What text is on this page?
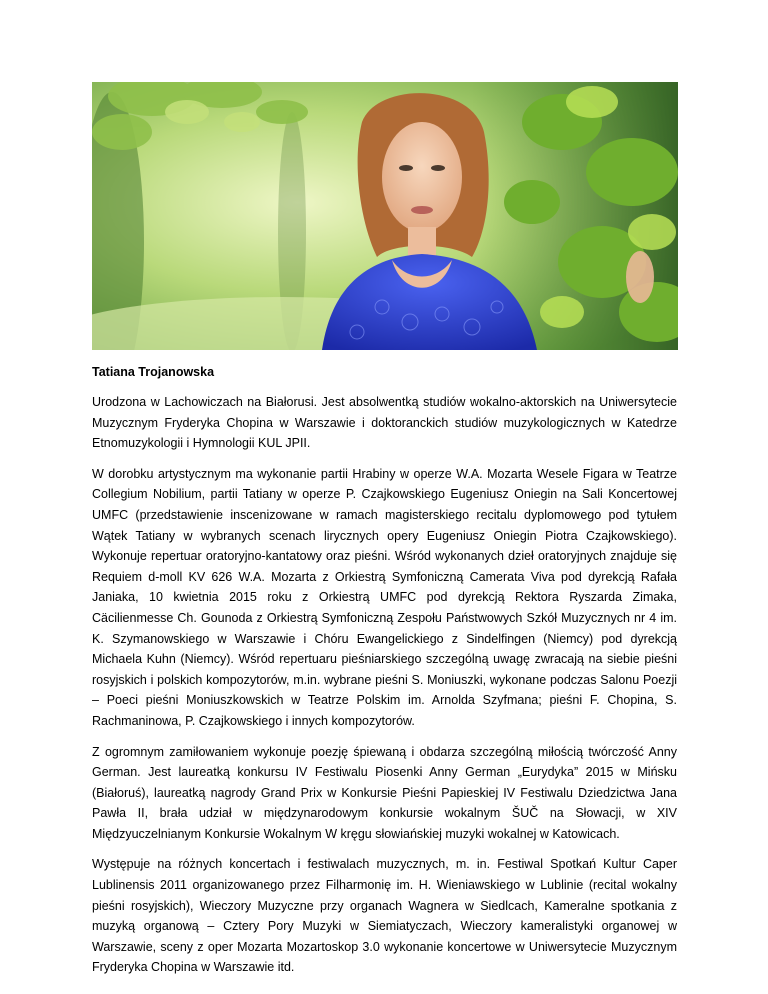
Tatiana Trojanowska

Urodzona w Lachowiczach na Białorusi. Jest absolwentką studiów wokalno-aktorskich na Uniwersytecie Muzycznym Fryderyka Chopina w Warszawie i doktoranckich studiów muzykologicznych w Katedrze Etnomuzykologii i Hymnologii KUL JPII.

W dorobku artystycznym ma wykonanie partii Hrabiny w operze W.A. Mozarta Wesele Figara w Teatrze Collegium Nobilium, partii Tatiany w operze P. Czajkowskiego Eugeniusz Oniegin na Sali Koncertowej UMFC (przedstawienie inscenizowane w ramach magisterskiego recitalu dyplomowego pod tytułem Wątek Tatiany w wybranych scenach lirycznych opery Eugeniusz Oniegin Piotra Czajkowskiego). Wykonuje repertuar oratoryjno-kantatowy oraz pieśni. Wśród wykonanych dzieł oratoryjnych znajduje się Requiem d-moll KV 626 W.A. Mozarta z Orkiestrą Symfoniczną Camerata Viva pod dyrekcją Rafała Janiaka, 10 kwietnia 2015 roku z Orkiestrą UMFC pod dyrekcją Rektora Ryszarda Zimaka, Cäcilienmesse Ch. Gounoda z Orkiestrą Symfoniczną Zespołu Państwowych Szkół Muzycznych nr 4 im. K. Szymanowskiego w Warszawie i Chóru Ewangelickiego z Sindelfingen (Niemcy) pod dyrekcją Michaela Kuhn (Niemcy). Wśród repertuaru pieśniarskiego szczególną uwagę zwracają na siebie pieśni rosyjskich i polskich kompozytorów, m.in. wybrane pieśni S. Moniuszki, wykonane podczas Salonu Poezji – Poeci pieśni Moniuszkowskich w Teatrze Polskim im. Arnolda Szyfmana; pieśni F. Chopina, S. Rachmaninowa, P. Czajkowskiego i innych kompozytorów.

Z ogromnym zamiłowaniem wykonuje poezję śpiewaną i obdarza szczególną miłością twórczość Anny German. Jest laureatką konkursu IV Festiwalu Piosenki Anny German „Eurydyka” 2015 w Mińsku (Białoruś), laureatką nagrody Grand Prix w Konkursie Pieśni Papieskiej IV Festiwalu Dziedzictwa Jana Pawła II, brała udział w międzynarodowym konkursie wokalnym ŠUČ na Słowacji, w XIV Międzyuczelnianym Konkursie Wokalnym W kręgu słowiańskiej muzyki wokalnej w Katowicach.

Występuje na różnych koncertach i festiwalach muzycznych, m. in. Festiwal Spotkań Kultur Caper Lublinensis 2011 organizowanego przez Filharmonię im. H. Wieniawskiego w Lublinie (recital wokalny pieśni rosyjskich), Wieczory Muzyczne przy organach Wagnera w Siedlcach, Kameralne spotkania z muzyką organową – Cztery Pory Muzyki w Siemiatyczach, Wieczory kameralistyki organowej w Warszawie, sceny z oper Mozarta Mozartoskop 3.0 wykonanie koncertowe w Uniwersytecie Muzycznym Fryderyka Chopina w Warszawie itd.
